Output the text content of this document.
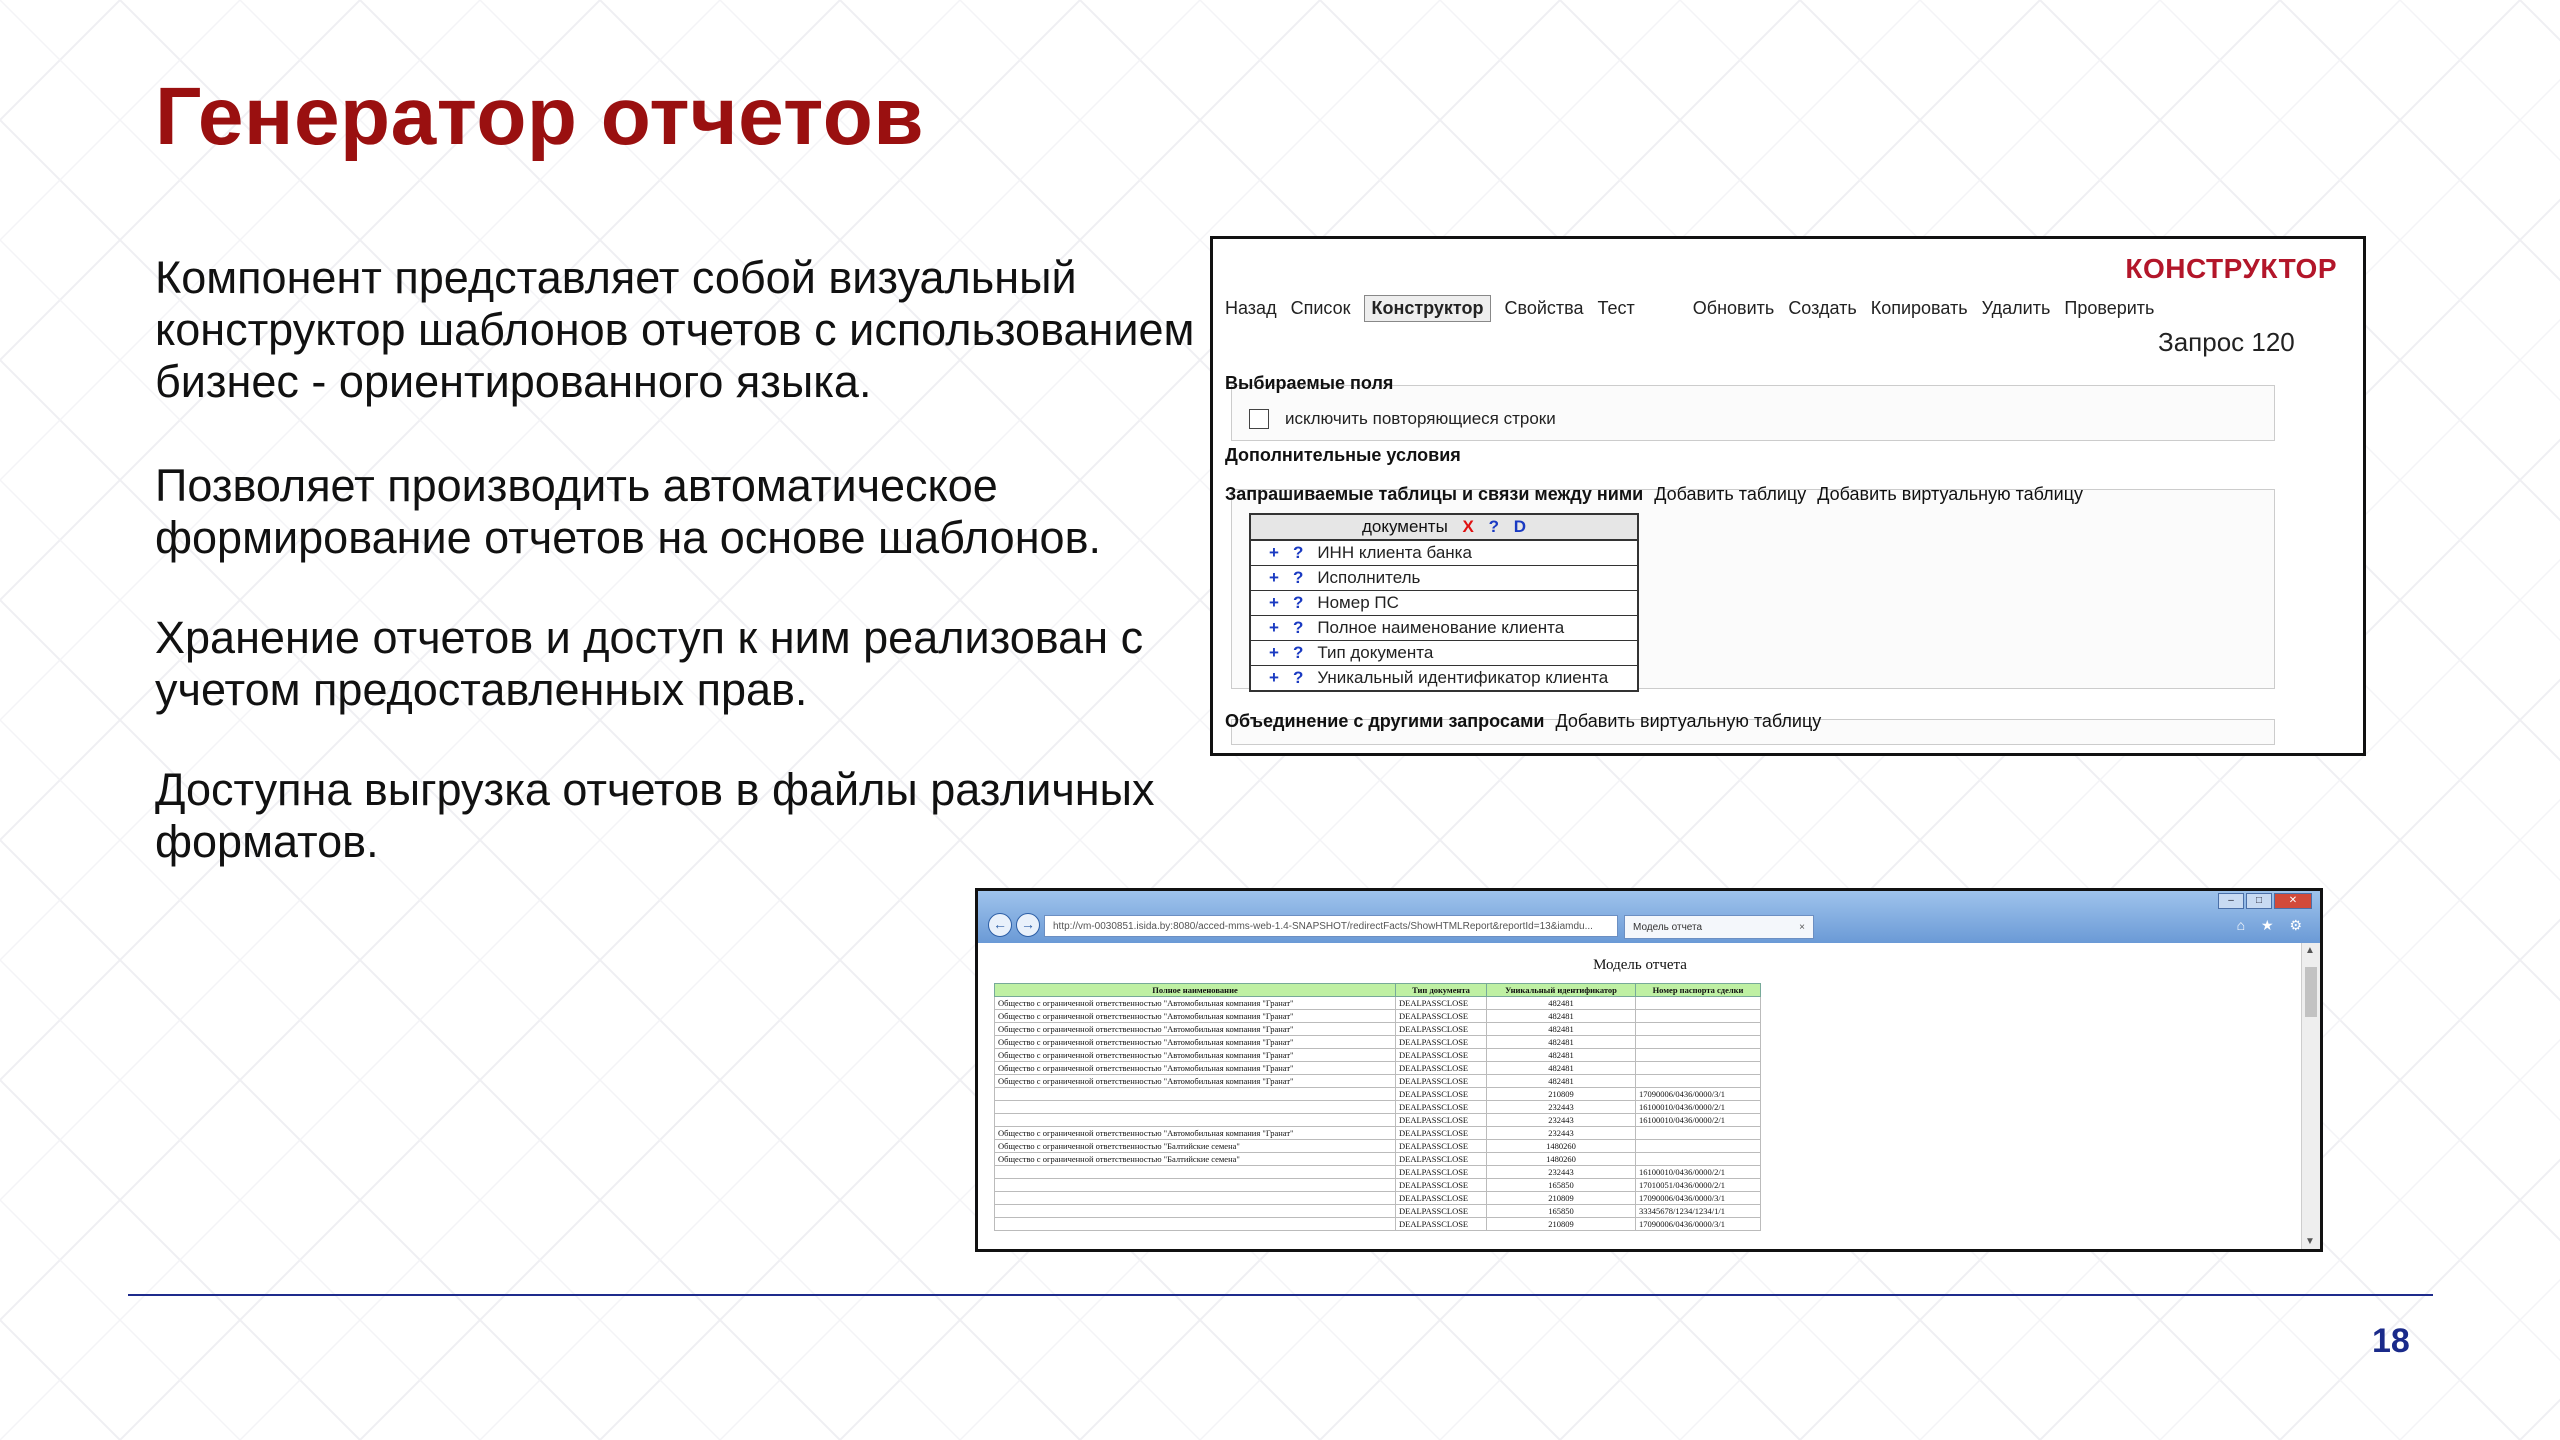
Генератор отчетов

Компонент представляет собой визуальный конструктор шаблонов отчетов с использованием бизнес - ориентированного языка.

Позволяет производить автоматическое формирование отчетов на основе шаблонов.

Хранение отчетов и доступ к ним реализован с учетом предоставленных прав.

Доступна выгрузка отчетов в файлы различных форматов.

КОНСТРУКТОР
Назад Список	Конструктор	Свойства Тест	Обновить Создать Копировать Удалить Проверить
Запрос 120
Выбираемые поля
исключить повторяющиеся строки
Дополнительные условия
Запрашиваемые таблицы и связи между ними Добавить таблицу Добавить виртуальную таблицу
документы X ? D
+ ? ИНН клиента банка
+ ? Исполнитель
+ ? Номер ПС
+ ? Полное наименование клиента
+ ? Тип документа
+ ? Уникальный идентификатор клиента
Объединение с другими запросами Добавить виртуальную таблицу
–	□	✕
←	→	http://vm-0030851.isida.by:8080/acced-mms-web-1.4-SNAPSHOT/redirectFacts/ShowHTMLReport&reportId=13&iamdu...	Модель отчета	×	⌂ ★ ⚙
Модель отчета
Полное наименование	Тип документа	Уникальный идентификатор	Номер паспорта сделки
Общество с ограниченной ответственностью "Автомобильная компания "Гранат"	DEALPASSCLOSE	482481	
Общество с ограниченной ответственностью "Автомобильная компания "Гранат"	DEALPASSCLOSE	482481	
Общество с ограниченной ответственностью "Автомобильная компания "Гранат"	DEALPASSCLOSE	482481	
Общество с ограниченной ответственностью "Автомобильная компания "Гранат"	DEALPASSCLOSE	482481	
Общество с ограниченной ответственностью "Автомобильная компания "Гранат"	DEALPASSCLOSE	482481	
Общество с ограниченной ответственностью "Автомобильная компания "Гранат"	DEALPASSCLOSE	482481	
Общество с ограниченной ответственностью "Автомобильная компания "Гранат"	DEALPASSCLOSE	482481	
	DEALPASSCLOSE	210809	17090006/0436/0000/3/1
	DEALPASSCLOSE	232443	16100010/0436/0000/2/1
	DEALPASSCLOSE	232443	16100010/0436/0000/2/1
Общество с ограниченной ответственностью "Автомобильная компания "Гранат"	DEALPASSCLOSE	232443	
Общество с ограниченной ответственностью "Балтийские семена"	DEALPASSCLOSE	1480260	
Общество с ограниченной ответственностью "Балтийские семена"	DEALPASSCLOSE	1480260	
	DEALPASSCLOSE	232443	16100010/0436/0000/2/1
	DEALPASSCLOSE	165850	17010051/0436/0000/2/1
	DEALPASSCLOSE	210809	17090006/0436/0000/3/1
	DEALPASSCLOSE	165850	33345678/1234/1234/1/1
	DEALPASSCLOSE	210809	17090006/0436/0000/3/1
▲
▼
18
